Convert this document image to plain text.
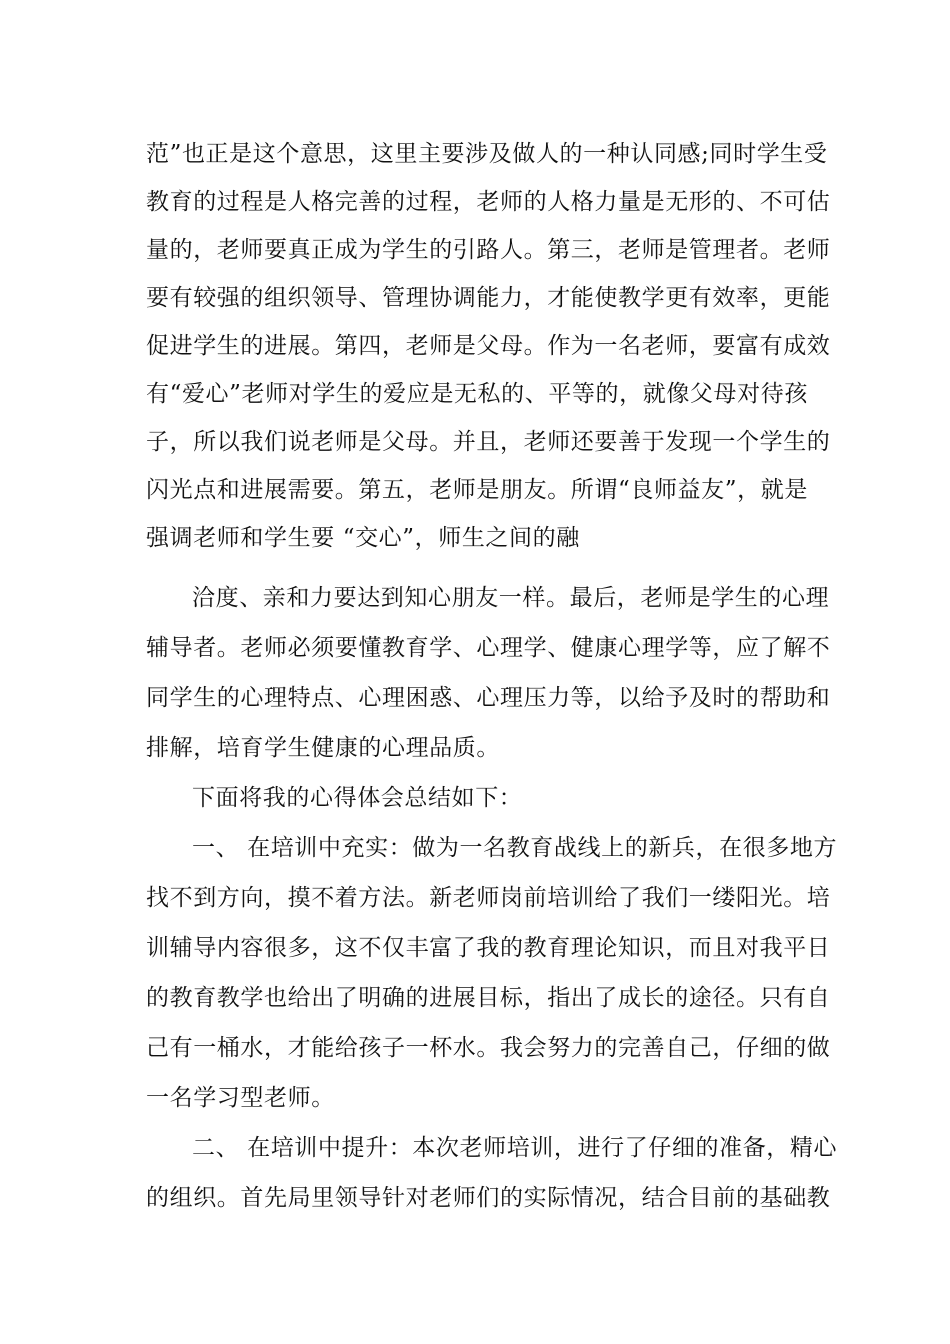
范”也正是这个意思，这里主要涉及做人的一种认同感;同时学生受
教育的过程是人格完善的过程，老师的人格力量是无形的、不可估
量的，老师要真正成为学生的引路人。第三，老师是管理者。老师
要有较强的组织领导、管理协调能力，才能使教学更有效率，更能
促进学生的进展。第四，老师是父母。作为一名老师，要富有成效
有“爱心”老师对学生的爱应是无私的、平等的，就像父母对待孩
子，所以我们说老师是父母。并且，老师还要善于发现一个学生的
闪光点和进展需要。第五，老师是朋友。所谓“良师益友”，就是
强调老师和学生要 “交心”，师生之间的融
洽度、亲和力要达到知心朋友一样。最后，老师是学生的心理
辅导者。老师必须要懂教育学、心理学、健康心理学等，应了解不
同学生的心理特点、心理困惑、心理压力等，以给予及时的帮助和
排解，培育学生健康的心理品质。
下面将我的心得体会总结如下：
一、 在培训中充实：做为一名教育战线上的新兵，在很多地方
找不到方向，摸不着方法。新老师岗前培训给了我们一缕阳光。培
训辅导内容很多，这不仅丰富了我的教育理论知识，而且对我平日
的教育教学也给出了明确的进展目标，指出了成长的途径。只有自
己有一桶水，才能给孩子一杯水。我会努力的完善自己，仔细的做
一名学习型老师。
二、 在培训中提升：本次老师培训，进行了仔细的准备，精心
的组织。首先局里领导针对老师们的实际情况，结合目前的基础教
